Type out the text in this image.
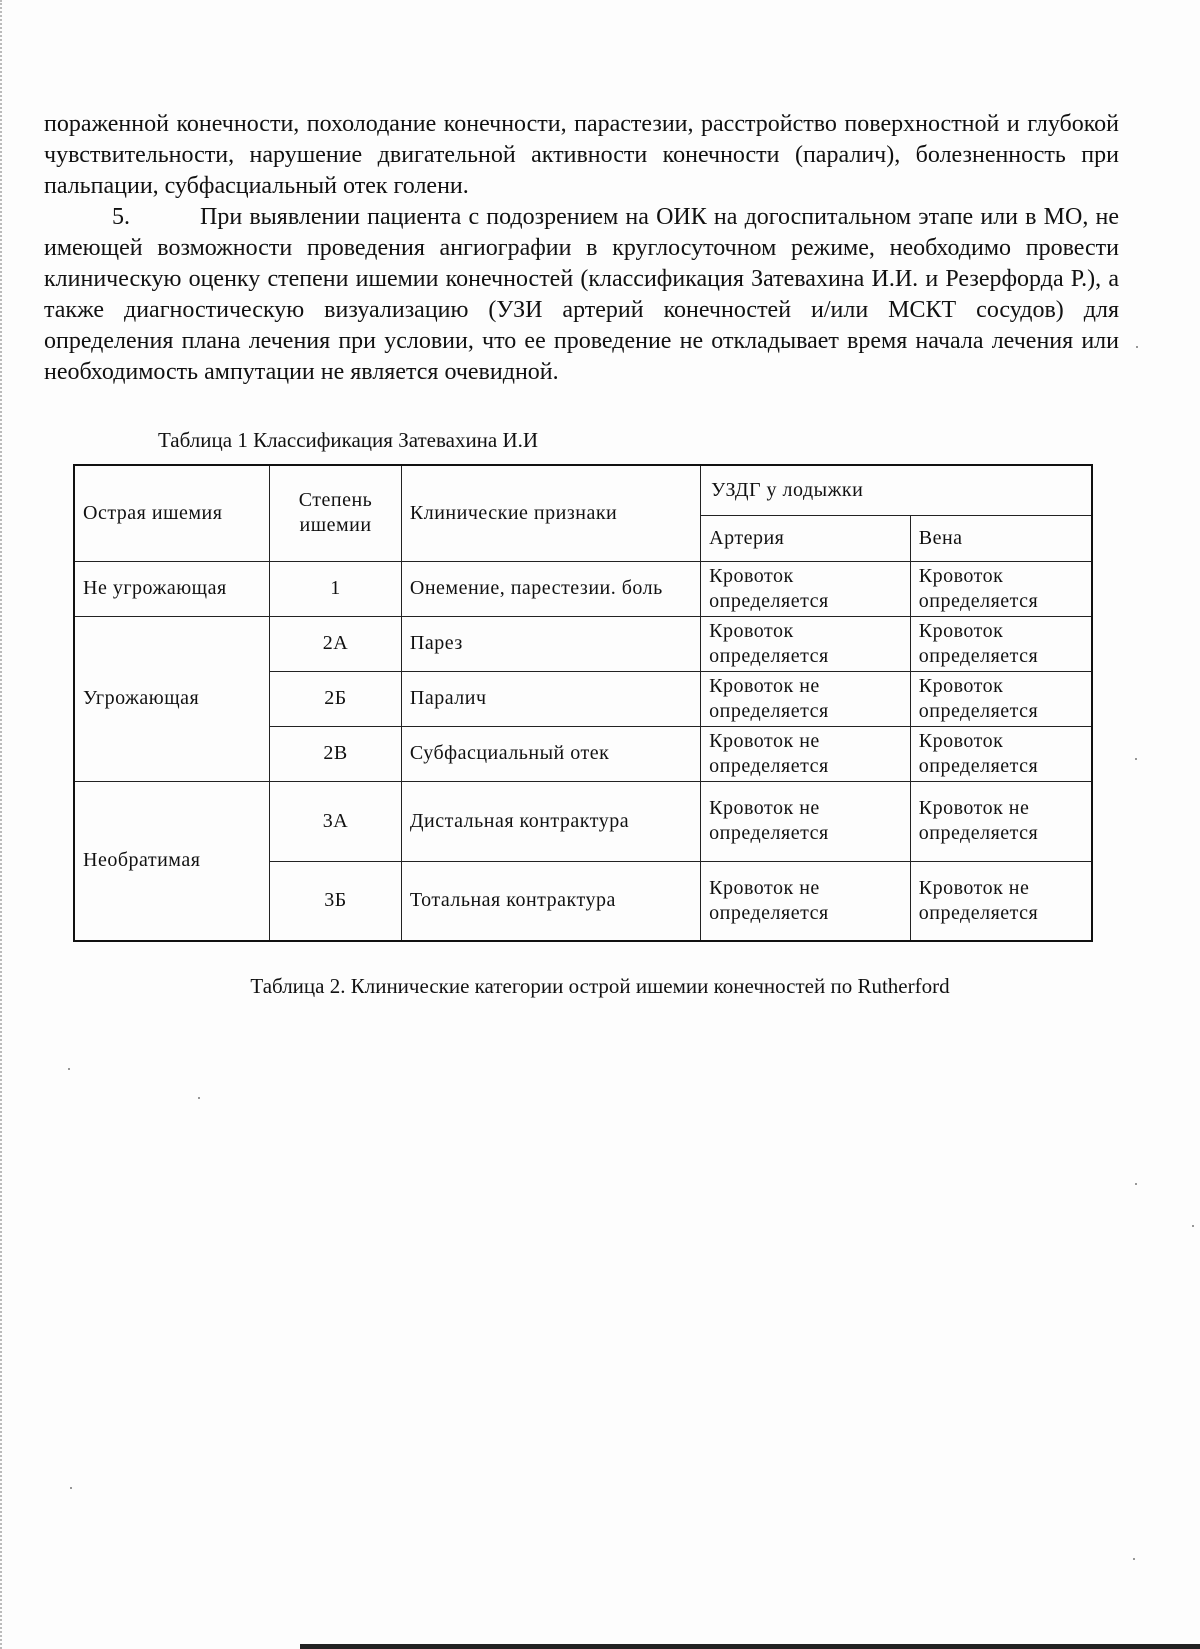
пораженной конечности, похолодание конечности, парастезии, расстройство поверхностной и глубокой чувствительности, нарушение двигательной активности конечности (паралич), болезненность при пальпации, субфасциальный отек голени.

5.	При выявлении пациента с подозрением на ОИК на догоспитальном этапе или в МО, не имеющей возможности проведения ангиографии в круглосуточном режиме, необходимо провести клиническую оценку степени ишемии конечностей (классификация Затевахина И.И. и Резерфорда Р.), а также диагностическую визуализацию (УЗИ артерий конечностей и/или МСКТ сосудов) для определения плана лечения при условии, что ее проведение не откладывает время начала лечения или необходимость ампутации не является очевидной.

Таблица 1 Классификация Затевахина И.И
Острая ишемия	Степень ишемии	Клинические признаки	УЗДГ у лодыжки	
			Артерия	Вена
Не угрожающая	1	Онемение, парестезии. боль	Кровоток определяется	Кровоток определяется
Угрожающая	2А	Парез	Кровоток определяется	Кровоток определяется
	2Б	Паралич	Кровоток не определяется	Кровоток определяется
	2В	Субфасциальный отек	Кровоток не определяется	Кровоток определяется
Необратимая	3А	Дистальная контрактура	Кровоток не определяется	Кровоток не определяется
	3Б	Тотальная контрактура	Кровоток не определяется	Кровоток не определяется
Таблица 2. Клинические категории острой ишемии конечностей по Rutherford
